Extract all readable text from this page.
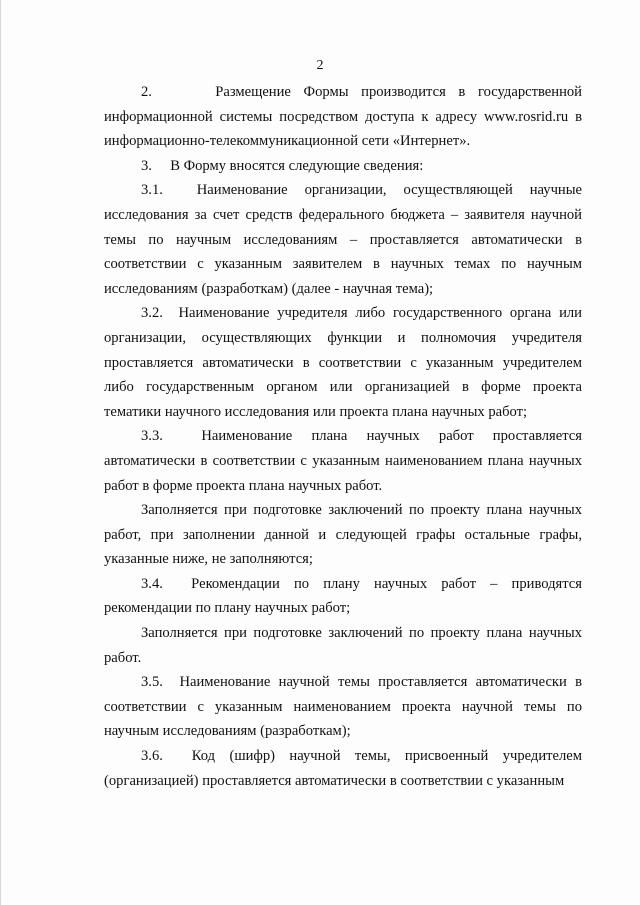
2

2.     Размещение Формы производится в государственной информационной системы посредством доступа к адресу www.rosrid.ru в информационно-телекоммуникационной сети «Интернет».

3.     В Форму вносятся следующие сведения:

3.1.  Наименование организации, осуществляющей научные исследования за счет средств федерального бюджета – заявителя научной темы по научным исследованиям – проставляется автоматически в соответствии с указанным заявителем в научных темах по научным исследованиям (разработкам) (далее - научная тема);

3.2.  Наименование учредителя либо государственного органа или организации, осуществляющих функции и полномочия учредителя проставляется автоматически в соответствии с указанным учредителем либо государственным органом или организацией в форме проекта тематики научного исследования или проекта плана научных работ;

3.3.  Наименование плана научных работ проставляется автоматически в соответствии с указанным наименованием плана научных работ в форме проекта плана научных работ.

Заполняется при подготовке заключений по проекту плана научных работ, при заполнении данной и следующей графы остальные графы, указанные ниже, не заполняются;

3.4.  Рекомендации по плану научных работ – приводятся рекомендации по плану научных работ;

Заполняется при подготовке заключений по проекту плана научных работ.

3.5.  Наименование научной темы проставляется автоматически в соответствии с указанным наименованием проекта научной темы по научным исследованиям (разработкам);

3.6.  Код (шифр) научной темы, присвоенный учредителем (организацией) проставляется автоматически в соответствии с указанным
